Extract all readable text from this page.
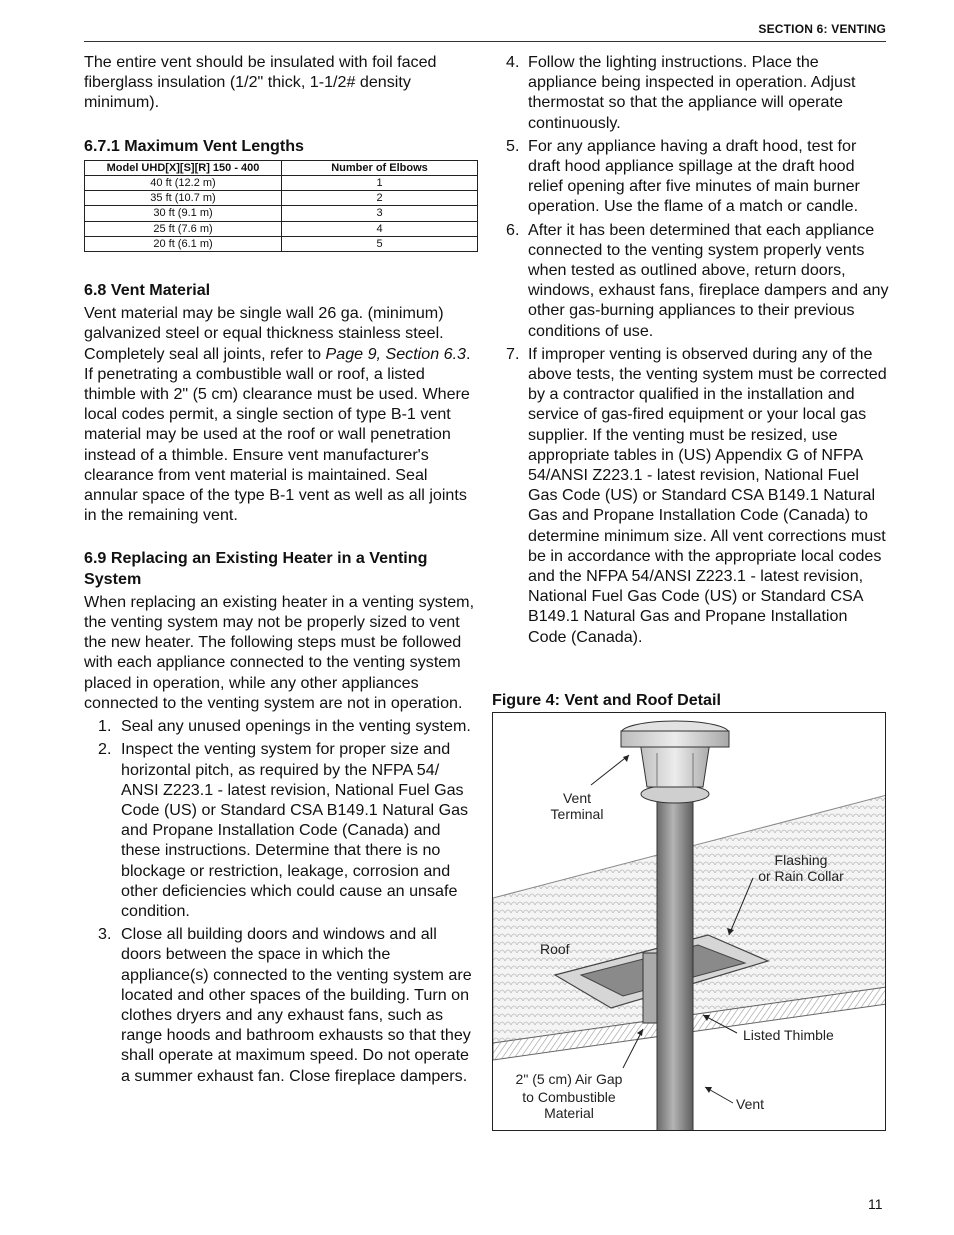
SECTION 6: VENTING

The entire vent should be insulated with foil faced fiberglass insulation (1/2" thick, 1-1/2# density minimum).

6.7.1 Maximum Vent Lengths
Model UHD[X][S][R] 150 - 400	Number of Elbows
40 ft (12.2 m)	1
35 ft (10.7 m)	2
30 ft (9.1 m)	3
25 ft (7.6 m)	4
20 ft (6.1 m)	5
6.8 Vent Material

Vent material may be single wall 26 ga. (minimum) galvanized steel or equal thickness stainless steel. Completely seal all joints, refer to Page 9, Section 6.3.

If penetrating a combustible wall or roof, a listed thimble with 2" (5 cm) clearance must be used. Where local codes permit, a single section of type B-1 vent material may be used at the roof or wall penetration instead of a thimble. Ensure vent manufacturer's clearance from vent material is maintained. Seal annular space of the type B-1 vent as well as all joints in the remaining vent.

6.9 Replacing an Existing Heater in a Venting System

When replacing an existing heater in a venting system, the venting system may not be properly sized to vent the new heater. The following steps must be followed with each appliance connected to the venting system placed in operation, while any other appliances connected to the venting system are not in operation.

1. Seal any unused openings in the venting system.
2. Inspect the venting system for proper size and horizontal pitch, as required by the NFPA 54/ ANSI Z223.1 - latest revision, National Fuel Gas Code (US) or Standard CSA B149.1 Natural Gas and Propane Installation Code (Canada) and these instructions. Determine that there is no blockage or restriction, leakage, corrosion and other deficiencies which could cause an unsafe condition.
3. Close all building doors and windows and all doors between the space in which the appliance(s) connected to the venting system are located and other spaces of the building. Turn on clothes dryers and any exhaust fans, such as range hoods and bathroom exhausts so that they shall operate at maximum speed. Do not operate a summer exhaust fan. Close fireplace dampers.
4. Follow the lighting instructions. Place the appliance being inspected in operation. Adjust thermostat so that the appliance will operate continuously.
5. For any appliance having a draft hood, test for draft hood appliance spillage at the draft hood relief opening after five minutes of main burner operation. Use the flame of a match or candle.
6. After it has been determined that each appliance connected to the venting system properly vents when tested as outlined above, return doors, windows, exhaust fans, fireplace dampers and any other gas-burning appliances to their previous conditions of use.
7. If improper venting is observed during any of the above tests, the venting system must be corrected by a contractor qualified in the installation and service of gas-fired equipment or your local gas supplier. If the venting must be resized, use appropriate tables in (US) Appendix G of NFPA 54/ANSI Z223.1 - latest revision, National Fuel Gas Code (US) or Standard CSA B149.1 Natural Gas and Propane Installation Code (Canada) to determine minimum size. All vent corrections must be in accordance with the appropriate local codes and the NFPA 54/ANSI Z223.1 - latest revision, National Fuel Gas Code (US) or Standard CSA B149.1 Natural Gas and Propane Installation Code (Canada).
Figure 4: Vent and Roof Detail
Vent
Terminal
Flashing
or Rain Collar
Roof
Listed Thimble
2" (5 cm) Air Gap
to Combustible
Material
Vent
11
